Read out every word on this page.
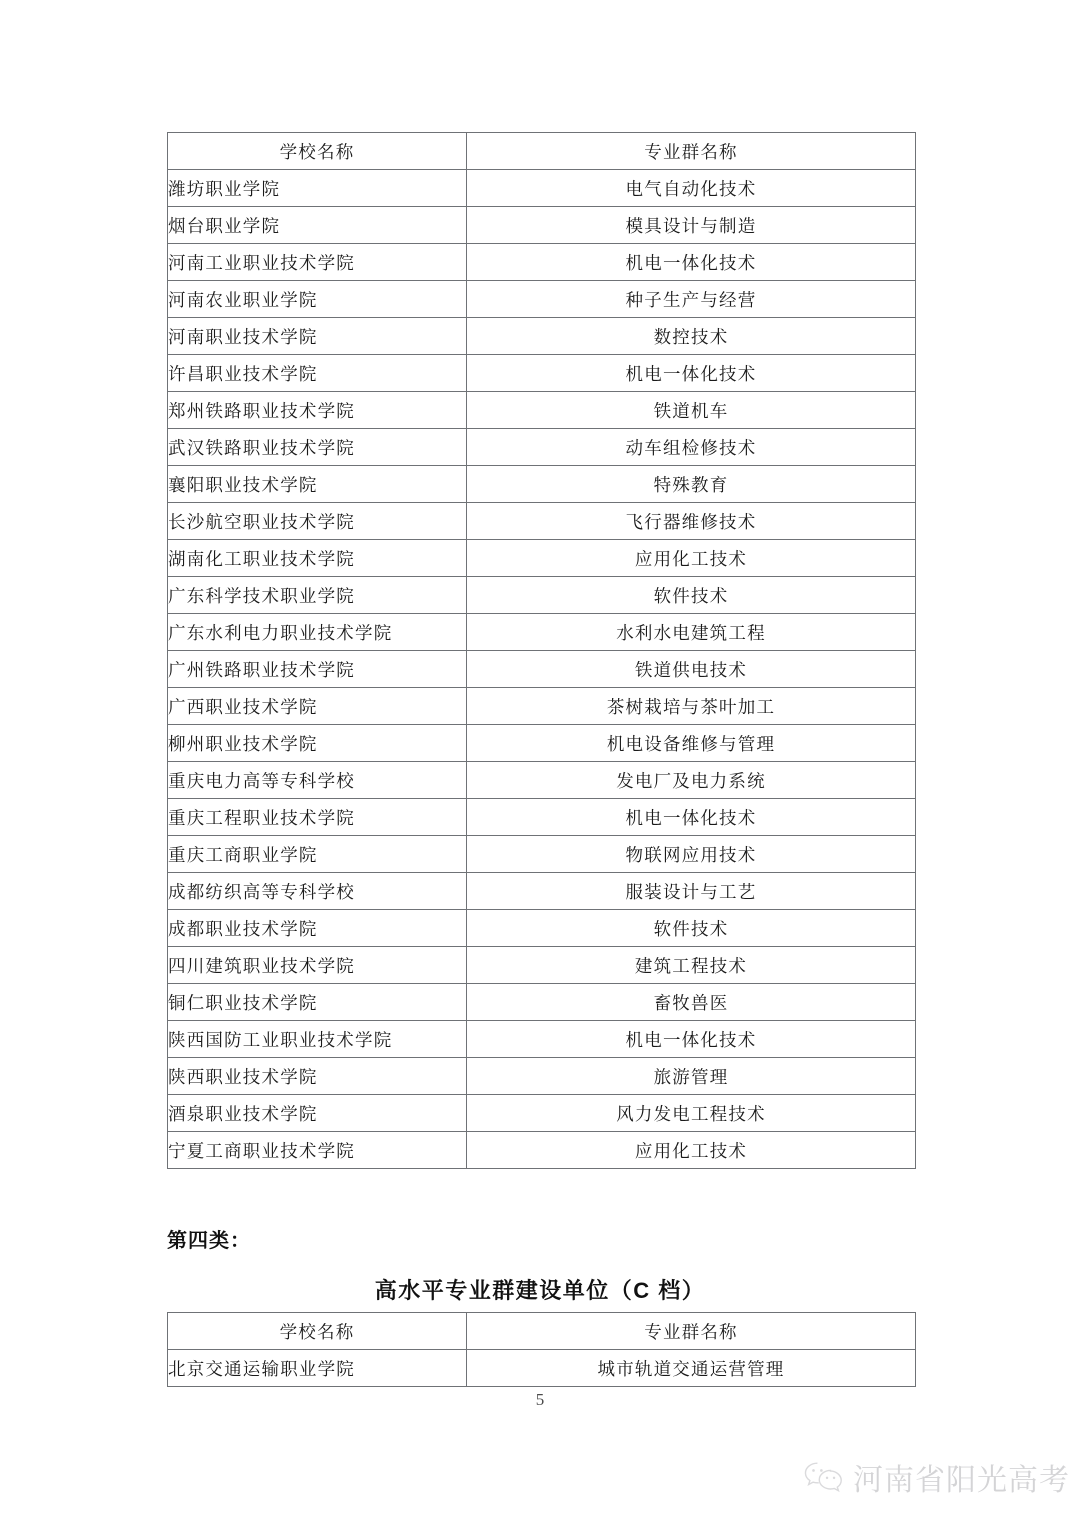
学校名称	专业群名称
潍坊职业学院	电气自动化技术
烟台职业学院	模具设计与制造
河南工业职业技术学院	机电一体化技术
河南农业职业学院	种子生产与经营
河南职业技术学院	数控技术
许昌职业技术学院	机电一体化技术
郑州铁路职业技术学院	铁道机车
武汉铁路职业技术学院	动车组检修技术
襄阳职业技术学院	特殊教育
长沙航空职业技术学院	飞行器维修技术
湖南化工职业技术学院	应用化工技术
广东科学技术职业学院	软件技术
广东水利电力职业技术学院	水利水电建筑工程
广州铁路职业技术学院	铁道供电技术
广西职业技术学院	茶树栽培与茶叶加工
柳州职业技术学院	机电设备维修与管理
重庆电力高等专科学校	发电厂及电力系统
重庆工程职业技术学院	机电一体化技术
重庆工商职业学院	物联网应用技术
成都纺织高等专科学校	服装设计与工艺
成都职业技术学院	软件技术
四川建筑职业技术学院	建筑工程技术
铜仁职业技术学院	畜牧兽医
陕西国防工业职业技术学院	机电一体化技术
陕西职业技术学院	旅游管理
酒泉职业技术学院	风力发电工程技术
宁夏工商职业技术学院	应用化工技术
第四类：
高水平专业群建设单位（C 档）
学校名称	专业群名称
北京交通运输职业学院	城市轨道交通运营管理
5
河南省阳光高考
